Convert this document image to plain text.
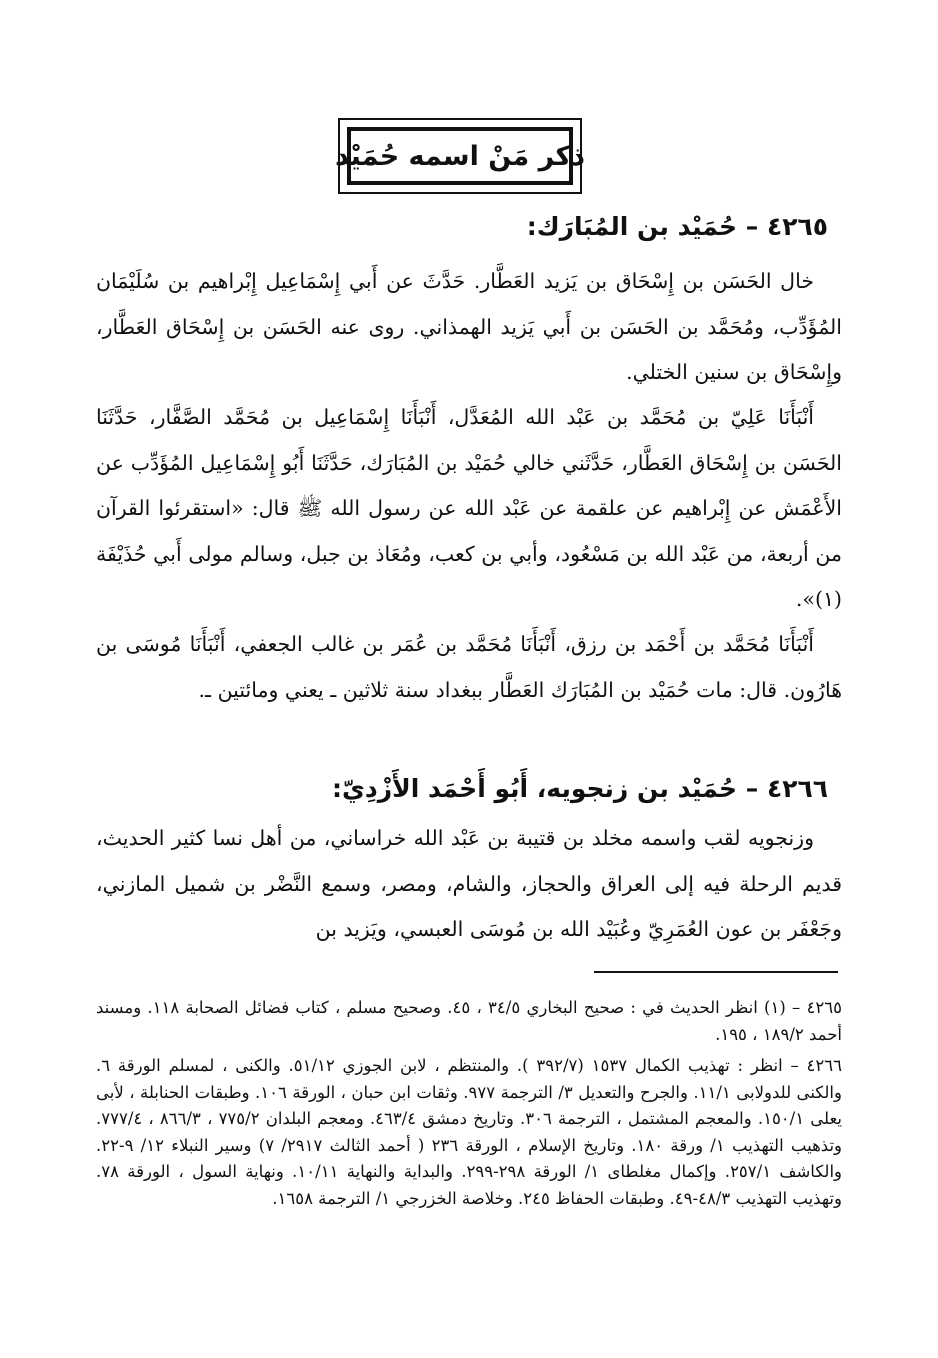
ذكر مَنْ اسمه حُمَيْد
٤٢٦٥ – حُمَيْد بن المُبَارَك:

خال الحَسَن بن إِسْحَاق بن يَزيد العَطَّار. حَدَّثَ عن أَبي إِسْمَاعِيل إِبْراهيم بن سُلَيْمَان المُؤَدِّب، ومُحَمَّد بن الحَسَن بن أَبي يَزيد الهمذاني. روى عنه الحَسَن بن إِسْحَاق العَطَّار، وإِسْحَاق بن سنين الختلي.

أَنْبَأَنَا عَلِيّ بن مُحَمَّد بن عَبْد الله المُعَدَّل، أَنْبَأَنَا إِسْمَاعِيل بن مُحَمَّد الصَّفَّار، حَدَّثَنَا الحَسَن بن إِسْحَاق العَطَّار، حَدَّثَني خالي حُمَيْد بن المُبَارَك، حَدَّثَنَا أَبُو إِسْمَاعِيل المُؤَدِّب عن الأَعْمَش عن إِبْراهيم عن علقمة عن عَبْد الله عن رسول الله ﷺ قال: «استقرئوا القرآن من أربعة، من عَبْد الله بن مَسْعُود، وأبي بن كعب، ومُعَاذ بن جبل، وسالم مولى أَبي حُذَيْفَة (١)».

أَنْبَأَنَا مُحَمَّد بن أَحْمَد بن رزق، أَنْبَأَنَا مُحَمَّد بن عُمَر بن غالب الجعفي، أَنْبَأَنَا مُوسَى بن هَارُون. قال: مات حُمَيْد بن المُبَارَك العَطَّار ببغداد سنة ثلاثين ـ يعني ومائتين ـ.

٤٢٦٦ – حُمَيْد بن زنجويه، أَبُو أَحْمَد الأَزْدِيّ:

وزنجويه لقب واسمه مخلد بن قتيبة بن عَبْد الله خراساني، من أهل نسا كثير الحديث، قديم الرحلة فيه إلى العراق والحجاز، والشام، ومصر، وسمع النَّضْر بن شميل المازني، وجَعْفَر بن عون العُمَرِيّ وعُبَيْد الله بن مُوسَى العبسي، ويَزيد بن

٤٢٦٥ – (١) انظر الحديث في : صحيح البخاري ٣٤/٥ ، ٤٥. وصحيح مسلم ، كتاب فضائل الصحابة ١١٨. ومسند أحمد ١٨٩/٢ ، ١٩٥.

٤٢٦٦ – انظر : تهذيب الكمال ١٥٣٧ (٣٩٢/٧ ). والمنتظم ، لابن الجوزي ٥١/١٢. والكنى ، لمسلم الورقة ٦. والكنى للدولابى ١١/١. والجرح والتعديل ٣/ الترجمة ٩٧٧. وثقات ابن حبان ، الورقة ١٠٦. وطبقات الحنابلة ، لأبى يعلى ١٥٠/١. والمعجم المشتمل ، الترجمة ٣٠٦. وتاريخ دمشق ٤٦٣/٤. ومعجم البلدان ٧٧٥/٢ ، ٨٦٦/٣ ، ٧٧٧/٤. وتذهيب التهذيب ١/ ورقة ١٨٠. وتاريخ الإسلام ، الورقة ٢٣٦ ( أحمد الثالث ٢٩١٧/ ٧) وسير النبلاء ١٢/ ٩-٢٢. والكاشف ٢٥٧/١. وإكمال مغلطاى ١/ الورقة ٢٩٨-٢٩٩. والبداية والنهاية ١٠/١١. ونهاية السول ، الورقة ٧٨. وتهذيب التهذيب ٤٨/٣-٤٩. وطبقات الحفاظ ٢٤٥. وخلاصة الخزرجي ١/ الترجمة ١٦٥٨.
